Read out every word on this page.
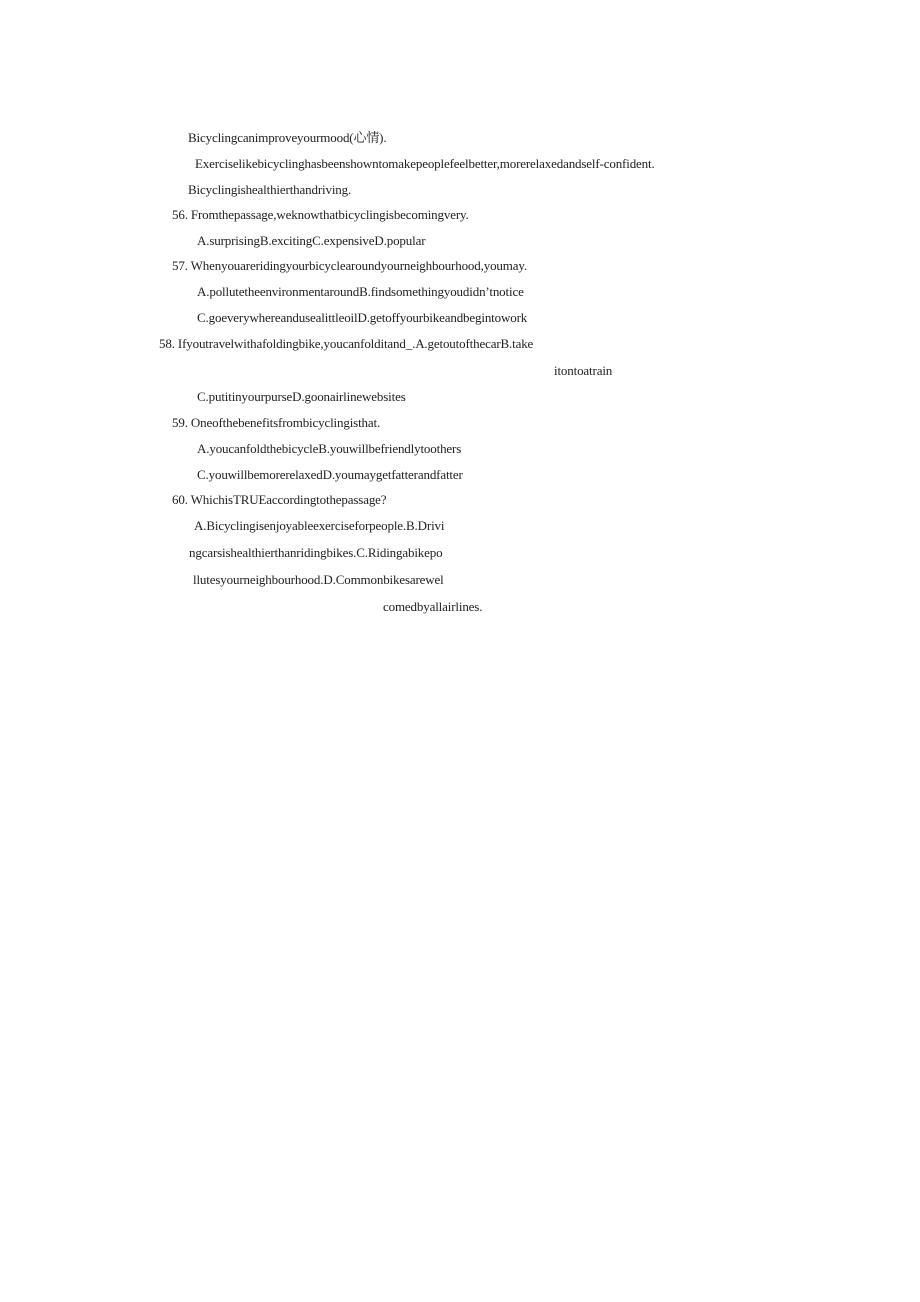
Bicyclingcanimproveyourmood(心情).
Exerciselikebicyclinghasbeenshowntomakepeoplefeelbetter,morerelaxedandself-confident.
Bicyclingishealthierthandriving.
56. Fromthepassage,weknowthatbicyclingisbecomingvery.
A.surprisingB.excitingC.expensiveD.popular
57. Whenyouareridingyourbicyclearoundyourneighbourhood,youmay.
A.pollutetheenvironmentaroundB.findsomethingyoudidn’tnotice
C.goeverywhereandusealittleoilD.getoffyourbikeandbegintowork
58. Ifyoutravelwithafoldingbike,youcanfolditand_.A.getoutofthecarB.take
itontoatrain
C.putitinyourpurseD.goonairlinewebsites
59. Oneofthebenefitsfrombicyclingisthat.
A.youcanfoldthebicycleB.youwillbefriendlytoothers
C.youwillbemorerelaxedD.youmaygetfatterandfatter
60. WhichisTRUEaccordingtothepassage?
A.Bicyclingisenjoyableexerciseforpeople.B.Drivi
ngcarsishealthierthanridingbikes.C.Ridingabikepo
llutesyourneighbourhood.D.Commonbikesarewel
comedbyallairlines.
